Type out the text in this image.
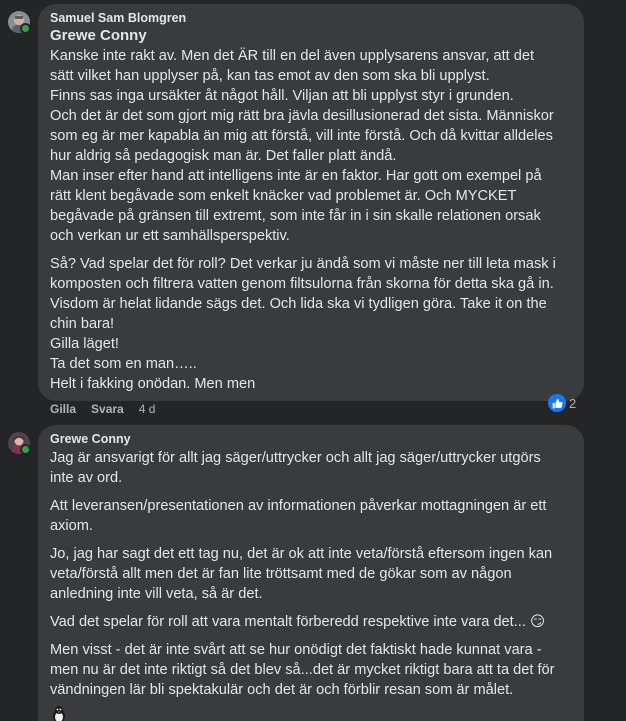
Samuel Sam Blomgren
Grewe Conny
Kanske inte rakt av. Men det ÄR till en del även upplysarens ansvar, att det
sätt vilket han upplyser på, kan tas emot av den som ska bli upplyst.
Finns sas inga ursäkter åt något håll. Viljan att bli upplyst styr i grunden.
Och det är det som gjort mig rätt bra jävla desillusionerad det sista. Människor
som eg är mer kapabla än mig att förstå, vill inte förstå. Och då kvittar alldeles
hur aldrig så pedagogisk man är. Det faller platt ändå.
Man inser efter hand att intelligens inte är en faktor. Har gott om exempel på
rätt klent begåvade som enkelt knäcker vad problemet är. Och MYCKET
begåvade på gränsen till extremt, som inte får in i sin skalle relationen orsak
och verkan ur ett samhällsperspektiv.
Så? Vad spelar det för roll? Det verkar ju ändå som vi måste ner till leta mask i
komposten och filtrera vatten genom filtsulorna från skorna för detta ska gå in.
Visdom är helat lidande sägs det. Och lida ska vi tydligen göra. Take it on the
chin bara!
Gilla läget!
Ta det som en man…..
Helt i fakking onödan. Men men
Gilla Svara 4 d	2
Grewe Conny
Jag är ansvarigt för allt jag säger/uttrycker och allt jag säger/uttrycker utgörs
inte av ord.
Att leveransen/presentationen av informationen påverkar mottagningen är ett
axiom.
Jo, jag har sagt det ett tag nu, det är ok att inte veta/förstå eftersom ingen kan
veta/förstå allt men det är fan lite tröttsamt med de gökar som av någon
anledning inte vill veta, så är det.
Vad det spelar för roll att vara mentalt förberedd respektive inte vara det... 😏
Men visst - det är inte svårt att se hur onödigt det faktiskt hade kunnat vara -
men nu är det inte riktigt så det blev så...det är mycket riktigt bara att ta det för
vändningen lär bli spektakulär och det är och förblir resan som är målet.
